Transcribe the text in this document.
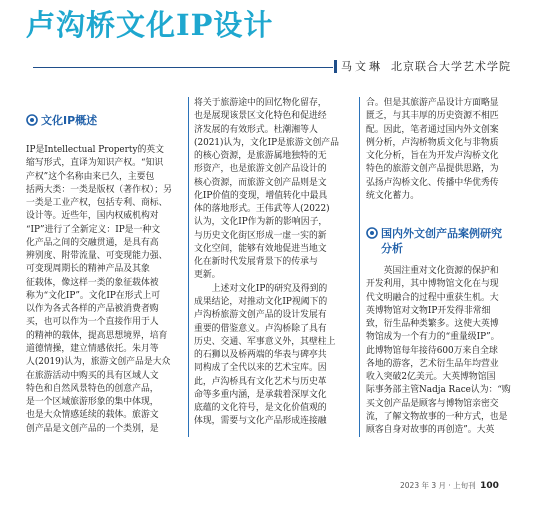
卢沟桥文化IP设计
马文琳 北京联合大学艺术学院
文化IP概述
IP是Intellectual Property的英文
缩写形式，直译为知识产权。“知识
产权”这个名称由来已久，主要包
括两大类：一类是版权（著作权）；另
一类是工业产权，包括专利、商标、
设计等。近些年，国内权威机构对
“IP”进行了全新定义：IP是一种文
化产品之间的交融贯通，是具有高
辨别度、附带流量、可变现能力强、
可变现周期长的精神产品及其象
征载体，像这样一类的象征载体被
称为“文化IP”。文化IP在形式上可
以作为各式各样的产品被消费者购
买，也可以作为一个直接作用于人
的精神的载体，提高思想境界，培育
道德情操，建立情感依托。朱月等
人(2019)认为，旅游文创产品是大众
在旅游活动中购买的具有区域人文
特色和自然风景特色的创意产品，
是一个区域旅游形象的集中体现，
也是大众情感延续的载体。旅游文
创产品是文创产品的一个类别，是
将关于旅游途中的回忆物化留存，
也是展现该景区文化特色和促进经
济发展的有效形式。杜潮湘等人
(2021)认为，文化IP是旅游文创产品
的核心资源，是旅游属地独特的无
形资产，也是旅游文创产品设计的
核心资源，而旅游文创产品则是文
化IP价值的变现，增值转化中最具
体的落地形式。王伟武等人(2022)
认为，文化IP作为新的影响因子，
与历史文化街区形成一虚一实的新
文化空间，能够有效地促进当地文
化在新时代发展背景下的传承与
更新。
　　上述对文化IP的研究及得到的
成果结论，对推动文化IP视阈下的
卢沟桥旅游文创产品的设计发展有
重要的借鉴意义。卢沟桥除了具有
历史、交通、军事意义外，其壁柱上
的石狮以及桥两端的华表与碑亭共
同构成了全代以来的艺术宝库。因
此，卢沟桥具有文化艺术与历史革
命等多重内涵，是承载着深厚文化
底蕴的文化符号，是文化价值观的
体现，需要与文化产品形成连接融
合。但是其旅游产品设计方面略显
匮乏，与其丰厚的历史资源不相匹
配。因此，笔者通过国内外文创案
例分析，卢沟桥物质文化与非物质
文化分析，旨在为开发卢沟桥文化
特色的旅游文创产品提供思路，为
弘扬卢沟桥文化、传播中华优秀传
统文化蓄力。
国内外文创产品案例研究
分析
　　英国注重对文化资源的保护和
开发利用，其中博物馆文化在与现
代文明融合的过程中重获生机。大
英博物馆对文物IP开发得非常细
致，衍生品种类繁多。这使大英博
物馆成为一个有力的“重量级IP”。
此博物馆每年接待600万来自全球
各地的游客，艺术衍生品年均营业
收入突破2亿美元。大英博物馆国
际事务部主管Nadja Race认为：“购
买文创产品是顾客与博物馆亲密交
流，了解文物故事的一种方式，也是
顾客自身对故事的再创造”。大英
2023 年 3 月 · 上旬刊 100
